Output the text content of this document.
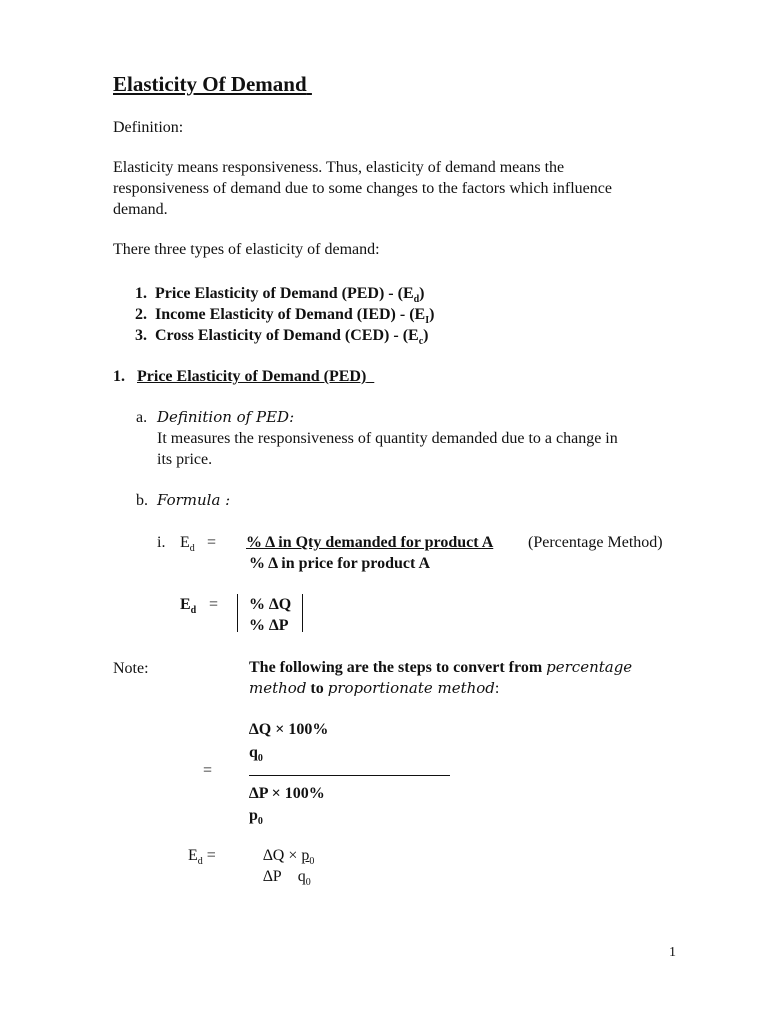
Elasticity Of Demand
Definition:
Elasticity means responsiveness. Thus, elasticity of demand means the
responsiveness of demand due to some changes to the factors which influence
demand.
There three types of elasticity of demand:
1. Price Elasticity of Demand $(PED) - (E_d)$
2. Income Elasticity of Demand $(IED) - (E_I)$
3. Cross Elasticity of Demand $(CED) - (E_c)$
1. Price Elasticity of Demand (PED)
a. Definition of PED:
It measures the responsiveness of quantity demanded due to a change in
its price.
b. Formula :
i. $E_d$ = % Δ in Qty demanded for product A (Percentage Method)
% Δ in price for product A
$E_d$ = % ∆Q
% ∆P
Note:	The following are the steps to convert from percentage
method to proportionate method:
∆Q × 100%
$q_0$
=
∆P × 100%
$p_0$
$E_d$ =	$\Delta Q \times p_0$
∆P $q_0$
1
